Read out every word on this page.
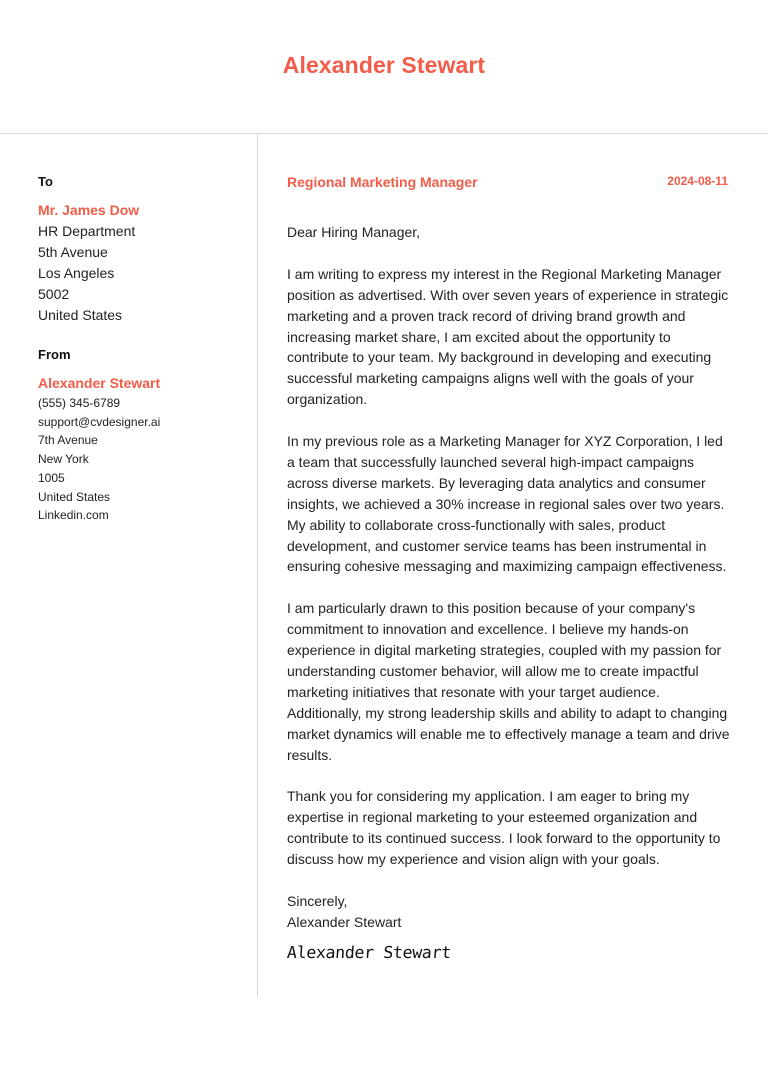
Alexander Stewart
To
Mr. James Dow
HR Department
5th Avenue
Los Angeles
5002
United States
From
Alexander Stewart
(555) 345-6789
support@cvdesigner.ai
7th Avenue
New York
1005
United States
Linkedin.com
Regional Marketing Manager	2024-08-11

Dear Hiring Manager,

I am writing to express my interest in the Regional Marketing Manager position as advertised. With over seven years of experience in strategic marketing and a proven track record of driving brand growth and increasing market share, I am excited about the opportunity to contribute to your team. My background in developing and executing successful marketing campaigns aligns well with the goals of your organization.

In my previous role as a Marketing Manager for XYZ Corporation, I led a team that successfully launched several high-impact campaigns across diverse markets. By leveraging data analytics and consumer insights, we achieved a 30% increase in regional sales over two years. My ability to collaborate cross-functionally with sales, product development, and customer service teams has been instrumental in ensuring cohesive messaging and maximizing campaign effectiveness.

I am particularly drawn to this position because of your company's commitment to innovation and excellence. I believe my hands-on experience in digital marketing strategies, coupled with my passion for understanding customer behavior, will allow me to create impactful marketing initiatives that resonate with your target audience. Additionally, my strong leadership skills and ability to adapt to changing market dynamics will enable me to effectively manage a team and drive results.

Thank you for considering my application. I am eager to bring my expertise in regional marketing to your esteemed organization and contribute to its continued success. I look forward to the opportunity to discuss how my experience and vision align with your goals.

Sincerely,

Alexander Stewart

Alexander Stewart
